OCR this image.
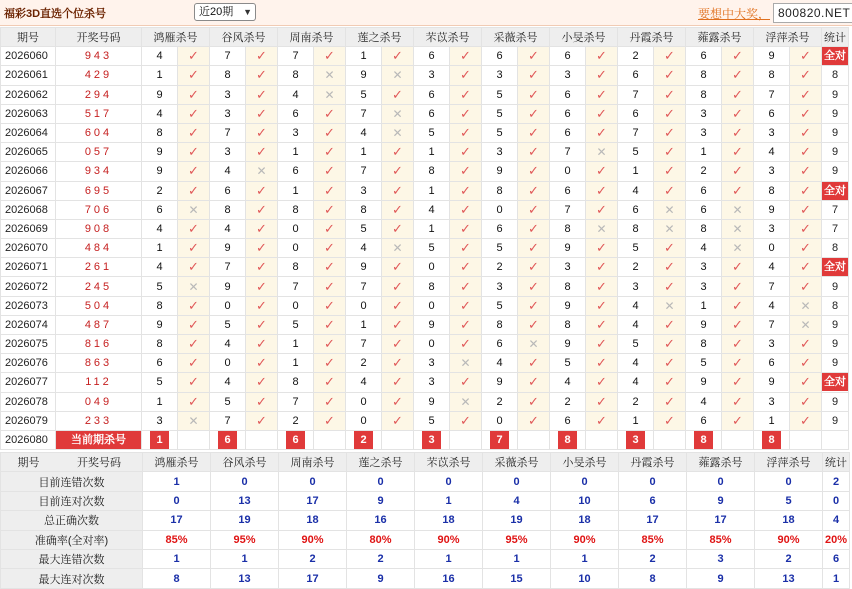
福彩3D直选个位杀号	近20期 ▼	要想中大奖， 800820.NET
期号	开奖号码	鸿雁杀号		谷风杀号		周南杀号		莲之杀号		芣苡杀号		采薇杀号		小旻杀号		丹霞杀号		蕹露杀号		浮萍杀号		统计
2026060	943	4	✓	7	✓	7	✓	1	✓	6	✓	6	✓	6	✓	2	✓	6	✓	9	✓	全对
2026061	429	1	✓	8	✓	8	✕	9	✕	3	✓	3	✓	3	✓	6	✓	8	✓	8	✓	8
2026062	294	9	✓	3	✓	4	✕	5	✓	6	✓	5	✓	6	✓	7	✓	8	✓	7	✓	9
2026063	517	4	✓	3	✓	6	✓	7	✕	6	✓	5	✓	6	✓	6	✓	3	✓	6	✓	9
2026064	604	8	✓	7	✓	3	✓	4	✕	5	✓	5	✓	6	✓	7	✓	3	✓	3	✓	9
2026065	057	9	✓	3	✓	1	✓	1	✓	1	✓	3	✓	7	✕	5	✓	1	✓	4	✓	9
2026066	934	9	✓	4	✕	6	✓	7	✓	8	✓	9	✓	0	✓	1	✓	2	✓	3	✓	9
2026067	695	2	✓	6	✓	1	✓	3	✓	1	✓	8	✓	6	✓	4	✓	6	✓	8	✓	全对
2026068	706	6	✕	8	✓	8	✓	8	✓	4	✓	0	✓	7	✓	6	✕	6	✕	9	✓	7
2026069	908	4	✓	4	✓	0	✓	5	✓	1	✓	6	✓	8	✕	8	✕	8	✕	3	✓	7
2026070	484	1	✓	9	✓	0	✓	4	✕	5	✓	5	✓	9	✓	5	✓	4	✕	0	✓	8
2026071	261	4	✓	7	✓	8	✓	9	✓	0	✓	2	✓	3	✓	2	✓	3	✓	4	✓	全对
2026072	245	5	✕	9	✓	7	✓	7	✓	8	✓	3	✓	8	✓	3	✓	3	✓	7	✓	9
2026073	504	8	✓	0	✓	0	✓	0	✓	0	✓	5	✓	9	✓	4	✕	1	✓	4	✕	8
2026074	487	9	✓	5	✓	5	✓	1	✓	9	✓	8	✓	8	✓	4	✓	9	✓	7	✕	9
2026075	816	8	✓	4	✓	1	✓	7	✓	0	✓	6	✕	9	✓	5	✓	8	✓	3	✓	9
2026076	863	6	✓	0	✓	1	✓	2	✓	3	✕	4	✓	5	✓	4	✓	5	✓	6	✓	9
2026077	112	5	✓	4	✓	8	✓	4	✓	3	✓	9	✓	4	✓	4	✓	9	✓	9	✓	全对
2026078	049	1	✓	5	✓	7	✓	0	✓	9	✕	2	✓	2	✓	2	✓	4	✓	3	✓	9
2026079	233	3	✕	7	✓	2	✓	0	✓	5	✓	0	✓	6	✓	1	✓	6	✓	1	✓	9
2026080	当前期杀号	1		6		6		2		3		7		8		3		8		8		
期号 开奖号码	鸿雁杀号	谷风杀号	周南杀号	莲之杀号	芣苡杀号	采薇杀号	小旻杀号	丹霞杀号	蕹露杀号	浮萍杀号	统计
目前连错次数	1	0	0	0	0	0	0	0	0	0	2
目前连对次数	0	13	17	9	1	4	10	6	9	5	0
总正确次数	17	19	18	16	18	19	18	17	17	18	4
准确率(全对率)	85%	95%	90%	80%	90%	95%	90%	85%	85%	90%	20%
最大连错次数	1	1	2	2	1	1	1	2	3	2	6
最大连对次数	8	13	17	9	16	15	10	8	9	13	1
